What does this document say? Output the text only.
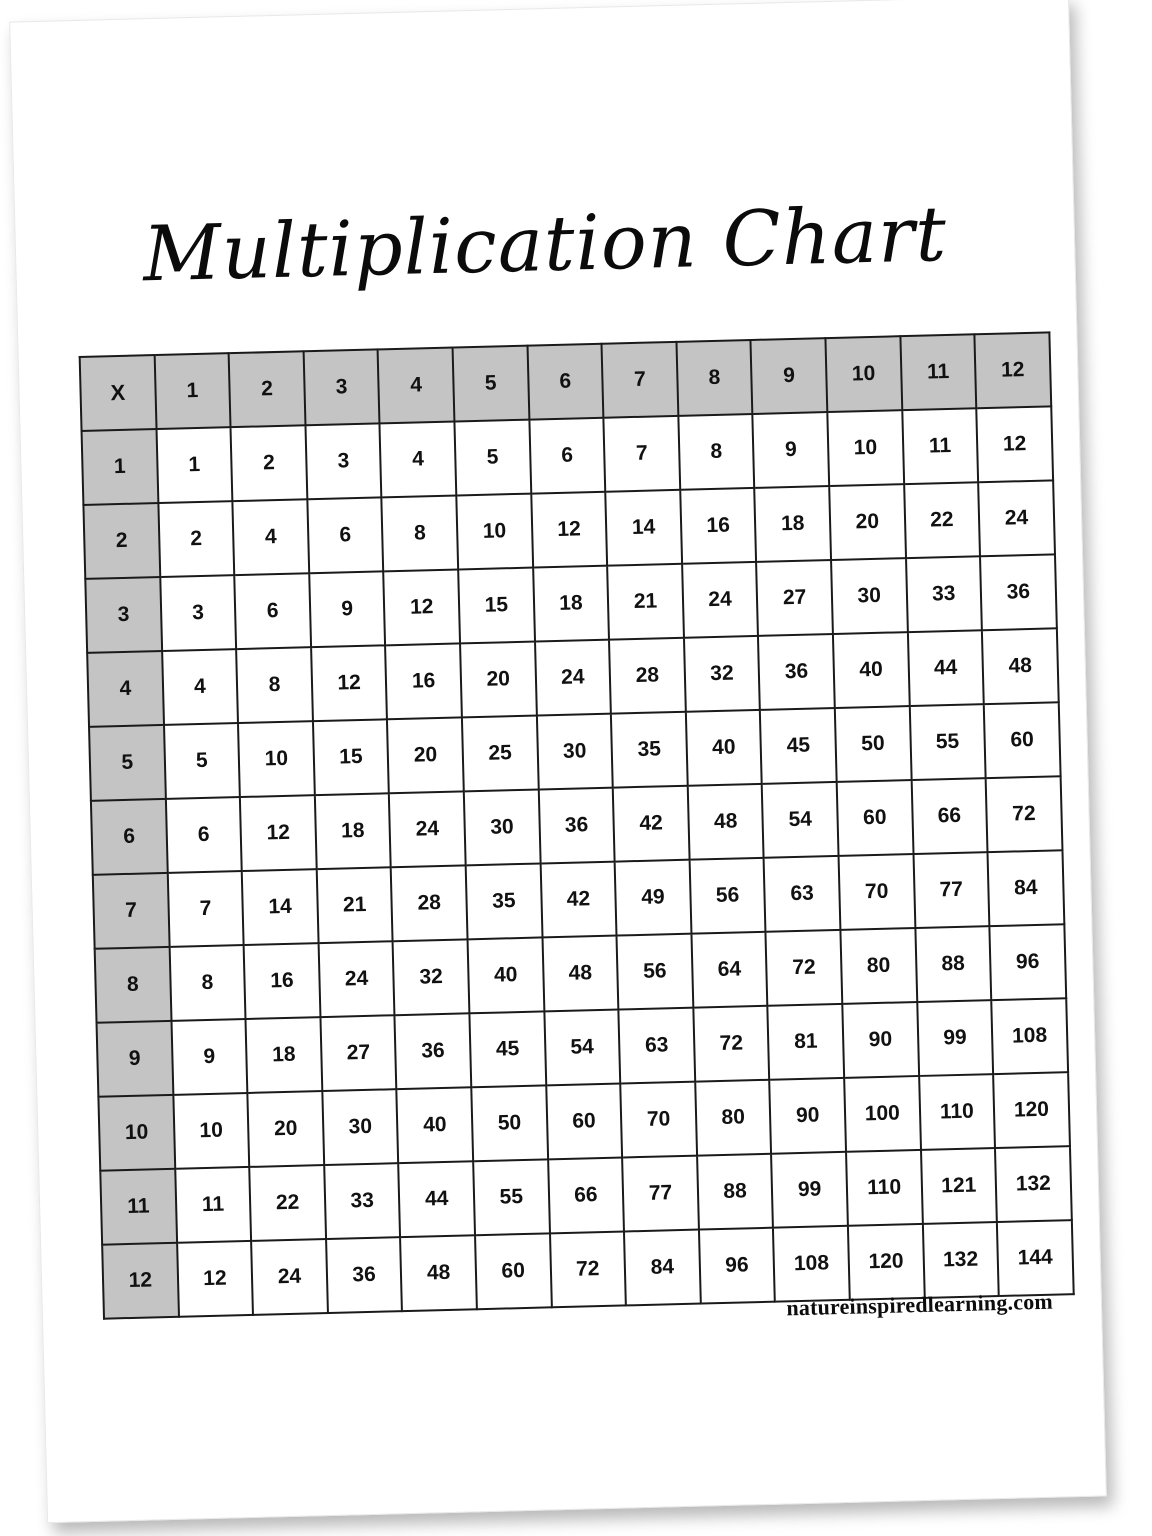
Multiplication Chart
X	1	2	3	4	5	6	7	8	9	10	11	12
1	1	2	3	4	5	6	7	8	9	10	11	12
2	2	4	6	8	10	12	14	16	18	20	22	24
3	3	6	9	12	15	18	21	24	27	30	33	36
4	4	8	12	16	20	24	28	32	36	40	44	48
5	5	10	15	20	25	30	35	40	45	50	55	60
6	6	12	18	24	30	36	42	48	54	60	66	72
7	7	14	21	28	35	42	49	56	63	70	77	84
8	8	16	24	32	40	48	56	64	72	80	88	96
9	9	18	27	36	45	54	63	72	81	90	99	108
10	10	20	30	40	50	60	70	80	90	100	110	120
11	11	22	33	44	55	66	77	88	99	110	121	132
12	12	24	36	48	60	72	84	96	108	120	132	144
natureinspiredlearning.com
